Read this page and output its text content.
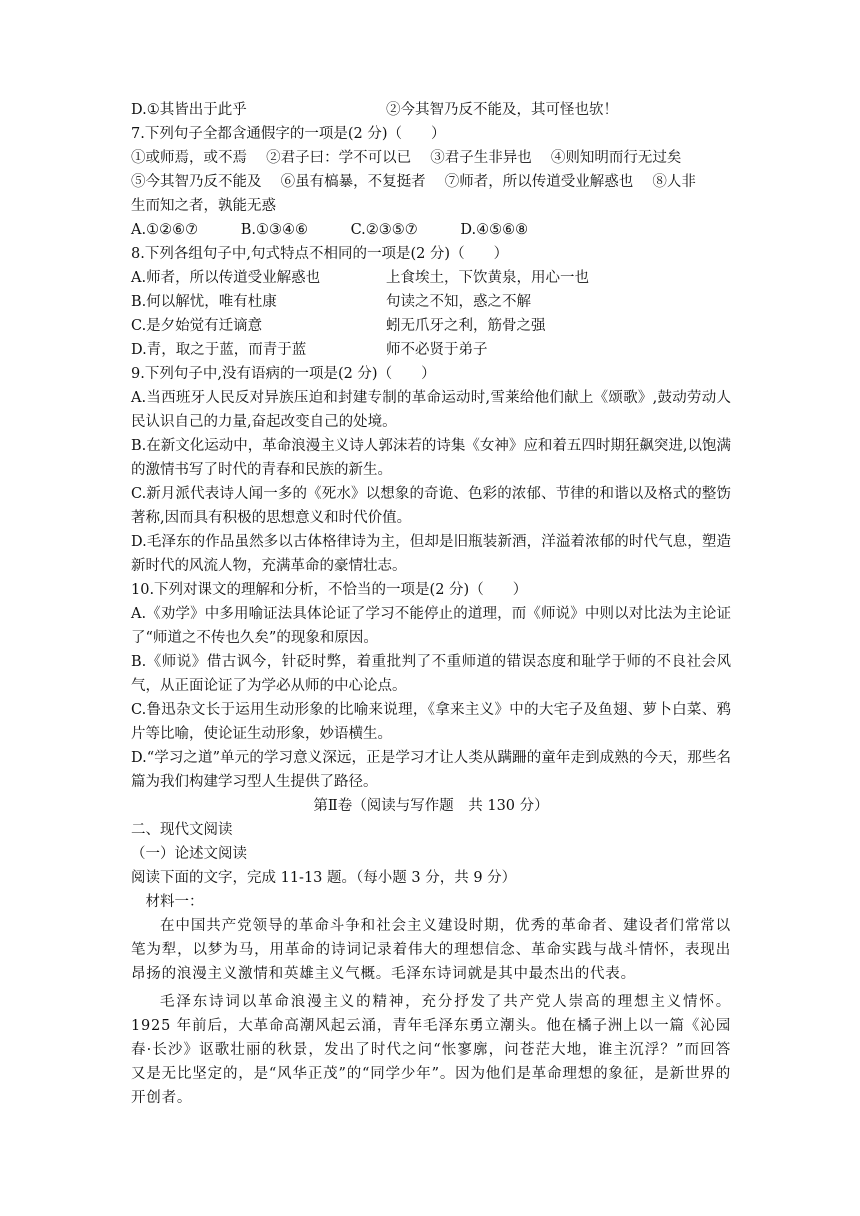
D.①其皆出于此乎	②今其智乃反不能及，其可怪也欤！
7.下列句子全都含通假字的一项是(2 分)（　　）
①或师焉，或不焉　 ②君子曰：学不可以已　 ③君子生非异也　 ④则知明而行无过矣
⑤今其智乃反不能及　 ⑥虽有槁暴，不复挺者　 ⑦师者，所以传道受业解惑也　 ⑧人非
生而知之者，孰能无惑
A.①②⑥⑦	B.①③④⑥	C.②③⑤⑦	D.④⑤⑥⑧
8.下列各组句子中,句式特点不相同的一项是(2 分)（　　）
A.师者，所以传道受业解惑也	上食埃土，下饮黄泉，用心一也
B.何以解忧，唯有杜康	句读之不知，惑之不解
C.是夕始觉有迁谪意	蚓无爪牙之利，筋骨之强
D.青，取之于蓝，而青于蓝	师不必贤于弟子
9.下列句子中,没有语病的一项是(2 分)（　　）
A.当西班牙人民反对异族压迫和封建专制的革命运动时,雪莱给他们献上《颂歌》,鼓动劳动人民认识自己的力量,奋起改变自己的处境。
B.在新文化运动中，革命浪漫主义诗人郭沫若的诗集《女神》应和着五四时期狂飙突进,以饱满的激情书写了时代的青春和民族的新生。
C.新月派代表诗人闻一多的《死水》以想象的奇诡、色彩的浓郁、节律的和谐以及格式的整饬著称,因而具有积极的思想意义和时代价值。
D.毛泽东的作品虽然多以古体格律诗为主，但却是旧瓶装新酒，洋溢着浓郁的时代气息，塑造新时代的风流人物，充满革命的豪情壮志。
10.下列对课文的理解和分析，不恰当的一项是(2 分)（　　）
A.《劝学》中多用喻证法具体论证了学习不能停止的道理，而《师说》中则以对比法为主论证了“师道之不传也久矣”的现象和原因。
B.《师说》借古讽今，针砭时弊，着重批判了不重师道的错误态度和耻学于师的不良社会风气，从正面论证了为学必从师的中心论点。
C.鲁迅杂文长于运用生动形象的比喻来说理，《拿来主义》中的大宅子及鱼翅、萝卜白菜、鸦片等比喻，使论证生动形象，妙语横生。
D.“学习之道”单元的学习意义深远，正是学习才让人类从蹒跚的童年走到成熟的今天，那些名篇为我们构建学习型人生提供了路径。
第Ⅱ卷（阅读与写作题　共 130 分）
二、现代文阅读
（一）论述文阅读
阅读下面的文字，完成 11-13 题。（每小题 3 分，共 9 分）
材料一：
在中国共产党领导的革命斗争和社会主义建设时期，优秀的革命者、建设者们常常以笔为犁，以梦为马，用革命的诗词记录着伟大的理想信念、革命实践与战斗情怀，表现出昂扬的浪漫主义激情和英雄主义气概。毛泽东诗词就是其中最杰出的代表。
毛泽东诗词以革命浪漫主义的精神，充分抒发了共产党人崇高的理想主义情怀。1925 年前后，大革命高潮风起云涌，青年毛泽东勇立潮头。他在橘子洲上以一篇《沁园春·长沙》讴歌壮丽的秋景，发出了时代之问“怅寥廓，问苍茫大地，谁主沉浮？”而回答又是无比坚定的，是“风华正茂”的“同学少年”。因为他们是革命理想的象征，是新世界的开创者。
